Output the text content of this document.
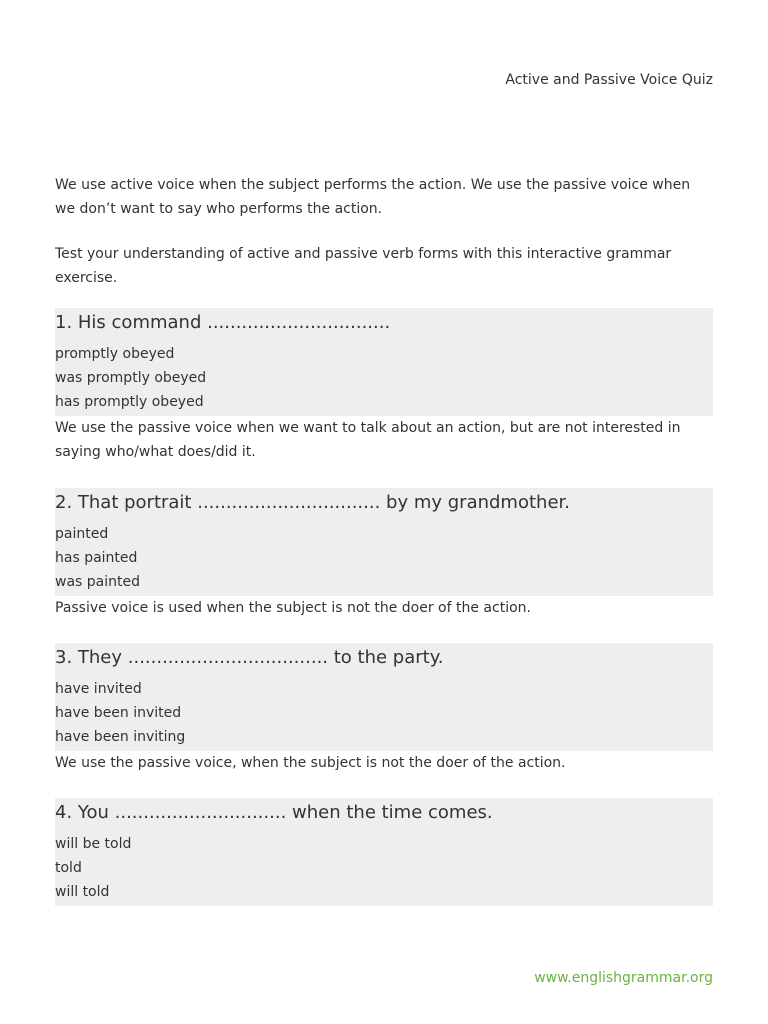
Active and Passive Voice Quiz

We use active voice when the subject performs the action. We use the passive voice when we don’t want to say who performs the action.

Test your understanding of active and passive verb forms with this interactive grammar exercise.

1. His command ................................
promptly obeyed
was promptly obeyed
has promptly obeyed

We use the passive voice when we want to talk about an action, but are not interested in saying who/what does/did it.

2. That portrait ................................ by my grandmother.
painted
has painted
was painted

Passive voice is used when the subject is not the doer of the action.

3. They ................................... to the party.
have invited
have been invited
have been inviting

We use the passive voice, when the subject is not the doer of the action.

4. You .............................. when the time comes.
will be told
told
will told
www.englishgrammar.org
